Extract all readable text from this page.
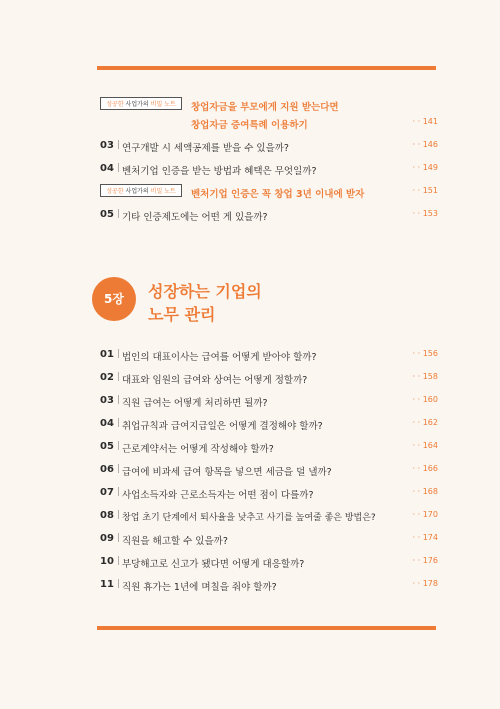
성공한 사업가의 비밀 노트	창업자금을 부모에게 지원 받는다면
창업자금 증여특례 이용하기	· · 141
03 | 연구개발 시 세액공제를 받을 수 있을까?	· · 146
04 | 벤처기업 인증을 받는 방법과 혜택은 무엇일까?	· · 149
성공한 사업가의 비밀 노트	벤처기업 인증은 꼭 창업 3년 이내에 받자	· · 151
05 | 기타 인증제도에는 어떤 게 있을까?	· · 153
5장	성장하는 기업의
노무 관리
01 | 법인의 대표이사는 급여를 어떻게 받아야 할까?	· · 156
02 | 대표와 임원의 급여와 상여는 어떻게 정할까?	· · 158
03 | 직원 급여는 어떻게 처리하면 될까?	· · 160
04 | 취업규칙과 급여지급일은 어떻게 결정해야 할까?	· · 162
05 | 근로계약서는 어떻게 작성해야 할까?	· · 164
06 | 급여에 비과세 급여 항목을 넣으면 세금을 덜 낼까?	· · 166
07 | 사업소득자와 근로소득자는 어떤 점이 다를까?	· · 168
08 | 창업 초기 단계에서 퇴사율을 낮추고 사기를 높여줄 좋은 방법은?	· · 170
09 | 직원을 해고할 수 있을까?	· · 174
10 | 부당해고로 신고가 됐다면 어떻게 대응할까?	· · 176
11 | 직원 휴가는 1년에 며칠을 줘야 할까?	· · 178
